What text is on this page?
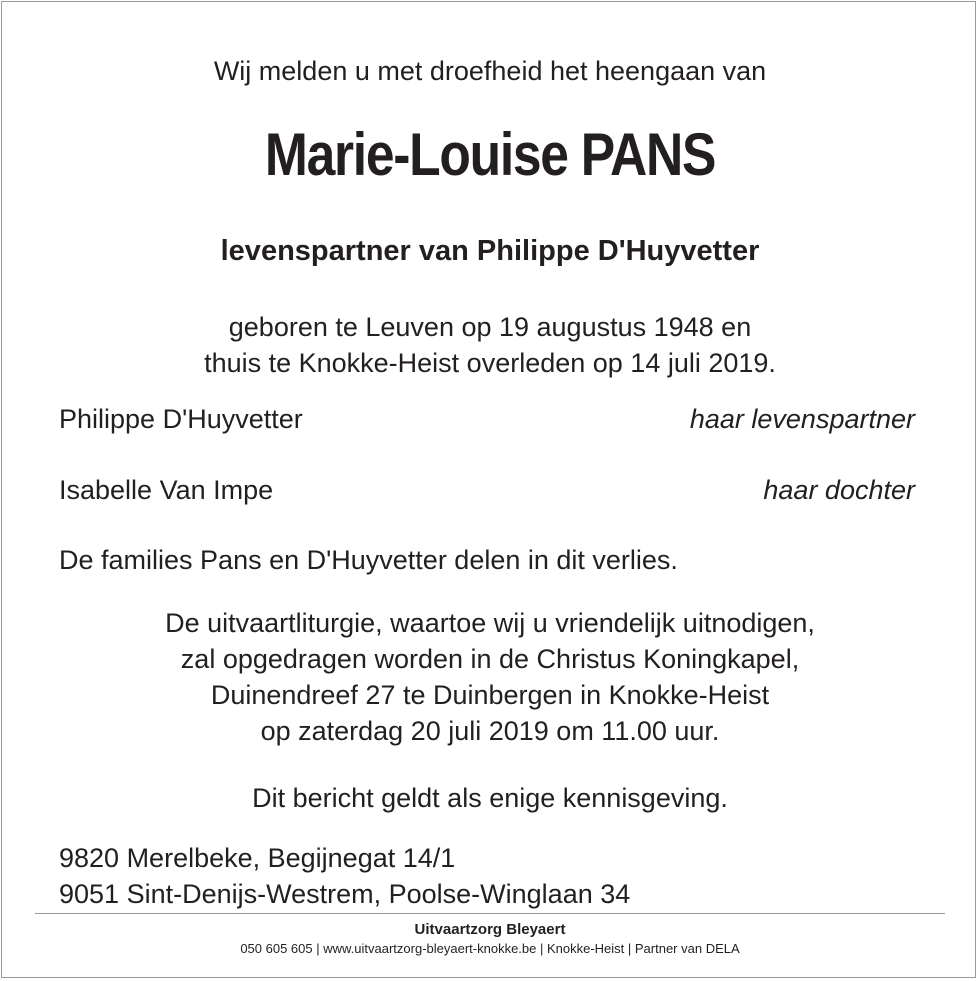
Wij melden u met droefheid het heengaan van
Marie-Louise PANS
levenspartner van Philippe D'Huyvetter
geboren te Leuven op 19 augustus 1948 en
thuis te Knokke-Heist overleden op 14 juli 2019.
Philippe D'Huyvetter	haar levenspartner
Isabelle Van Impe	haar dochter
De families Pans en D'Huyvetter delen in dit verlies.
De uitvaartliturgie, waartoe wij u vriendelijk uitnodigen,
zal opgedragen worden in de Christus Koningkapel,
Duinendreef 27 te Duinbergen in Knokke-Heist
op zaterdag 20 juli 2019 om 11.00 uur.
Dit bericht geldt als enige kennisgeving.
9820 Merelbeke, Begijnegat 14/1
9051 Sint-Denijs-Westrem, Poolse-Winglaan 34
Uitvaartzorg Bleyaert
050 605 605 | www.uitvaartzorg-bleyaert-knokke.be | Knokke-Heist | Partner van DELA
